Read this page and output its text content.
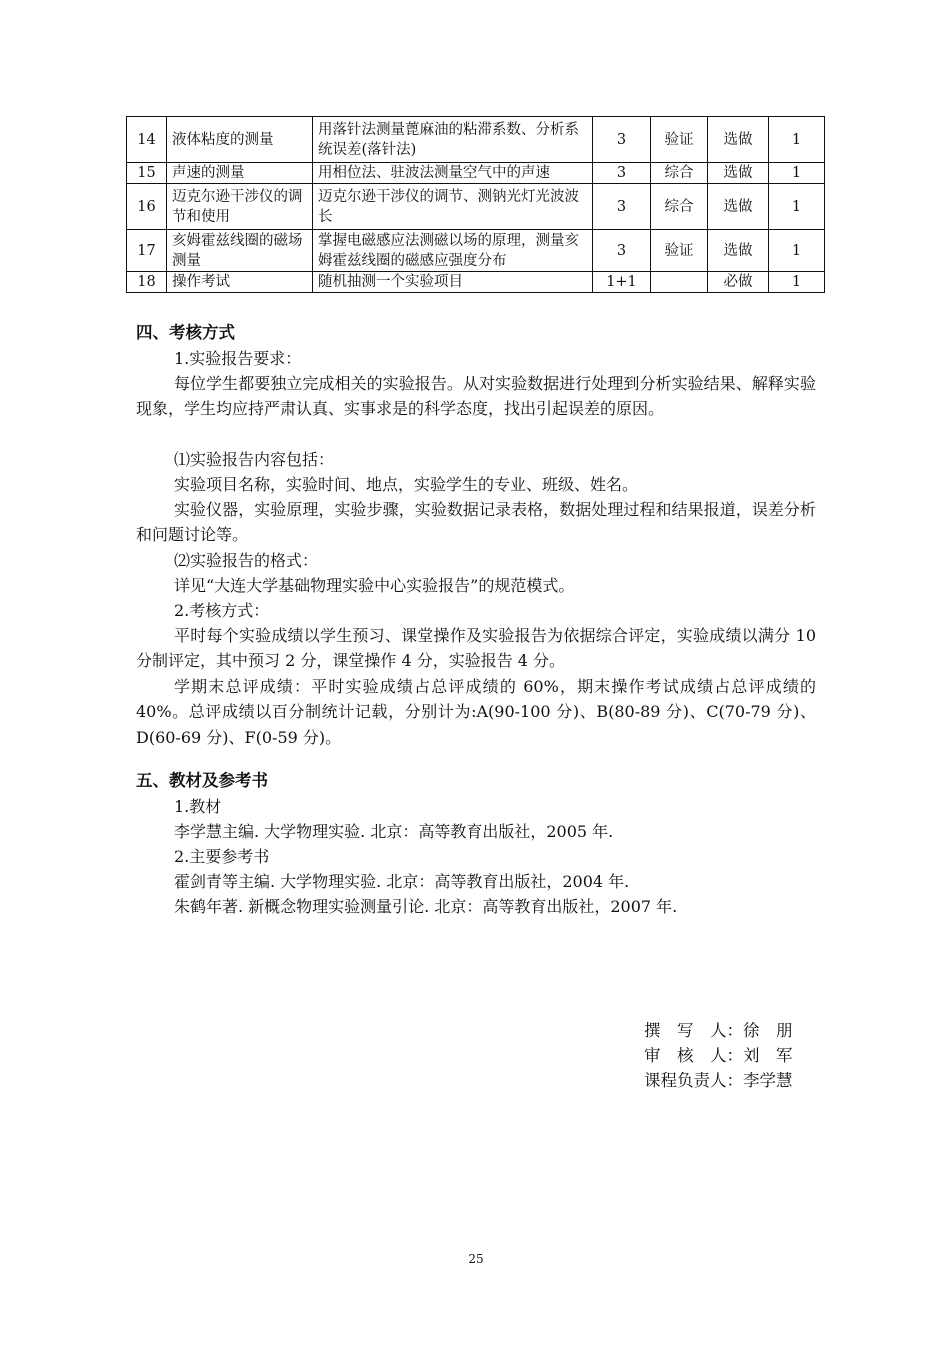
14	液体粘度的测量	用落针法测量蓖麻油的粘滞系数、分析系统误差(落针法)	3	验证	选做	1
15	声速的测量	用相位法、驻波法测量空气中的声速	3	综合	选做	1
16	迈克尔逊干涉仪的调节和使用	迈克尔逊干涉仪的调节、测钠光灯光波波长	3	综合	选做	1
17	亥姆霍兹线圈的磁场测量	掌握电磁感应法测磁以场的原理，测量亥姆霍兹线圈的磁感应强度分布	3	验证	选做	1
18	操作考试	随机抽测一个实验项目	1+1		必做	1
四、考核方式
1.实验报告要求：
每位学生都要独立完成相关的实验报告。从对实验数据进行处理到分析实验结果、解释实验现象，学生均应持严肃认真、实事求是的科学态度，找出引起误差的原因。
⑴实验报告内容包括：
实验项目名称，实验时间、地点，实验学生的专业、班级、姓名。
实验仪器，实验原理，实验步骤，实验数据记录表格，数据处理过程和结果报道，误差分析和问题讨论等。
⑵实验报告的格式：
详见“大连大学基础物理实验中心实验报告”的规范模式。
2.考核方式：
平时每个实验成绩以学生预习、课堂操作及实验报告为依据综合评定，实验成绩以满分 10 分制评定，其中预习 2 分，课堂操作 4 分，实验报告 4 分。
学期末总评成绩：平时实验成绩占总评成绩的 60%，期末操作考试成绩占总评成绩的 40%。总评成绩以百分制统计记载，分别计为:A(90-100 分)、B(80-89 分)、C(70-79 分)、D(60-69 分)、F(0-59 分)。
五、教材及参考书
1.教材
李学慧主编. 大学物理实验. 北京：高等教育出版社，2005 年.
2.主要参考书
霍剑青等主编. 大学物理实验. 北京：高等教育出版社，2004 年.
朱鹤年著. 新概念物理实验测量引论. 北京：高等教育出版社，2007 年.
撰　写　人：徐　朋
审　核　人：刘　军
课程负责人：李学慧
25
